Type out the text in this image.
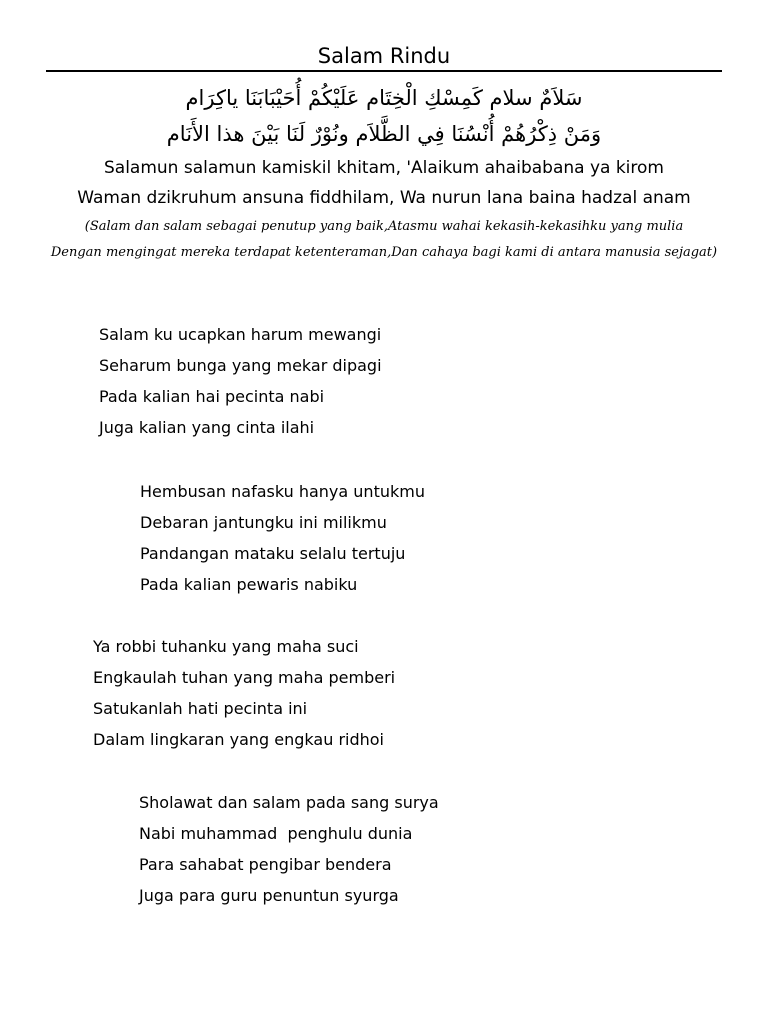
Salam Rindu
سَلاَمٌ سلام كَمِسْكِ الْخِتَام عَلَيْكُمْ أُحَيْبَابَنَا ياكِرَام
وَمَنْ ذِكْرُهُمْ أُنْسُنَا فِي الظَّلاَم ونُوْرٌ لَنَا بَيْنَ هذا الأَنَام
Salamun salamun kamiskil khitam, 'Alaikum ahaibabana ya kirom
Waman dzikruhum ansuna fiddhilam, Wa nurun lana baina hadzal anam
(Salam dan salam sebagai penutup yang baik,Atasmu wahai kekasih-kekasihku yang mulia
Dengan mengingat mereka terdapat ketenteraman,Dan cahaya bagi kami di antara manusia sejagat)
Salam ku ucapkan harum mewangi
Seharum bunga yang mekar dipagi
Pada kalian hai pecinta nabi
Juga kalian yang cinta ilahi
Hembusan nafasku hanya untukmu
Debaran jantungku ini milikmu
Pandangan mataku selalu tertuju
Pada kalian pewaris nabiku
Ya robbi tuhanku yang maha suci
Engkaulah tuhan yang maha pemberi
Satukanlah hati pecinta ini
Dalam lingkaran yang engkau ridhoi
Sholawat dan salam pada sang surya
Nabi muhammad  penghulu dunia
Para sahabat pengibar bendera
Juga para guru penuntun syurga
